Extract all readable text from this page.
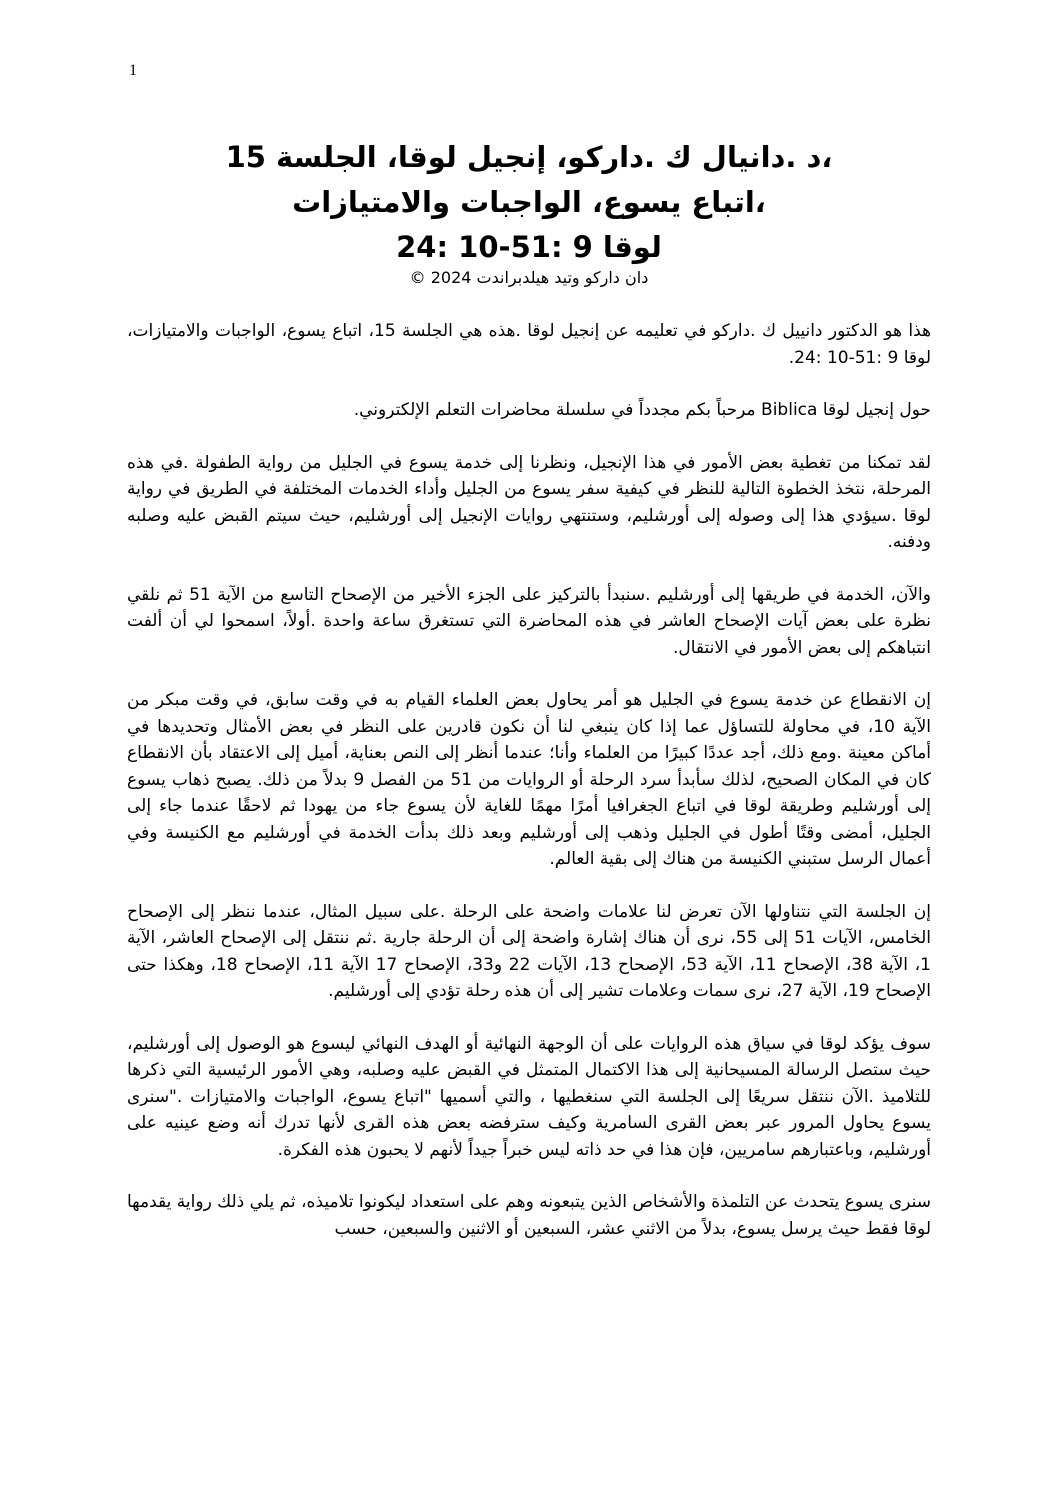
1

،د .دانيال ك .داركو، إنجيل لوقا، الجلسة 15

،اتباع يسوع، الواجبات والامتيازات

لوقا 9 :51-10 :24

دان داركو وتيد هيلدبراندت 2024 ©

هذا هو الدكتور دانييل ك .داركو في تعليمه عن إنجيل لوقا .هذه هي الجلسة 15، اتباع يسوع، الواجبات والامتيازات، لوقا 9 :51-10 :24.

حول إنجيل لوقا Biblica مرحباً بكم مجدداً في سلسلة محاضرات التعلم الإلكتروني.

لقد تمكنا من تغطية بعض الأمور في هذا الإنجيل، ونظرنا إلى خدمة يسوع في الجليل من رواية الطفولة .في هذه المرحلة، نتخذ الخطوة التالية للنظر في كيفية سفر يسوع من الجليل وأداء الخدمات المختلفة في الطريق في رواية لوقا .سيؤدي هذا إلى وصوله إلى أورشليم، وستنتهي روايات الإنجيل إلى أورشليم، حيث سيتم القبض عليه وصلبه ودفنه.

والآن، الخدمة في طريقها إلى أورشليم .سنبدأ بالتركيز على الجزء الأخير من الإصحاح التاسع من الآية 51 ثم نلقي نظرة على بعض آيات الإصحاح العاشر في هذه المحاضرة التي تستغرق ساعة واحدة .أولاً، اسمحوا لي أن ألفت انتباهكم إلى بعض الأمور في الانتقال.

إن الانقطاع عن خدمة يسوع في الجليل هو أمر يحاول بعض العلماء القيام به في وقت سابق، في وقت مبكر من الآية 10، في محاولة للتساؤل عما إذا كان ينبغي لنا أن نكون قادرين على النظر في بعض الأمثال وتحديدها في أماكن معينة .ومع ذلك، أجد عددًا كبيرًا من العلماء وأنا؛ عندما أنظر إلى النص بعناية، أميل إلى الاعتقاد بأن الانقطاع كان في المكان الصحيح، لذلك سأبدأ سرد الرحلة أو الروايات من 51 من الفصل 9 بدلاً من ذلك. يصبح ذهاب يسوع إلى أورشليم وطريقة لوقا في اتباع الجغرافيا أمرًا مهمًا للغاية لأن يسوع جاء من يهودا ثم لاحقًا عندما جاء إلى الجليل، أمضى وقتًا أطول في الجليل وذهب إلى أورشليم وبعد ذلك بدأت الخدمة في أورشليم مع الكنيسة وفي أعمال الرسل ستبني الكنيسة من هناك إلى بقية العالم.

إن الجلسة التي نتناولها الآن تعرض لنا علامات واضحة على الرحلة .على سبيل المثال، عندما ننظر إلى الإصحاح الخامس، الآيات 51 إلى 55، نرى أن هناك إشارة واضحة إلى أن الرحلة جارية .ثم ننتقل إلى الإصحاح العاشر، الآية 1، الآية 38، الإصحاح 11، الآية 53، الإصحاح 13، الآيات 22 و33، الإصحاح 17 الآية 11، الإصحاح 18، وهكذا حتى الإصحاح 19، الآية 27، نرى سمات وعلامات تشير إلى أن هذه رحلة تؤدي إلى أورشليم.

سوف يؤكد لوقا في سياق هذه الروايات على أن الوجهة النهائية أو الهدف النهائي ليسوع هو الوصول إلى أورشليم، حيث ستصل الرسالة المسيحانية إلى هذا الاكتمال المتمثل في القبض عليه وصلبه، وهي الأمور الرئيسية التي ذكرها للتلاميذ .الآن ننتقل سريعًا إلى الجلسة التي سنغطيها ، والتي أسميها "اتباع يسوع، الواجبات والامتيازات ."سنرى يسوع يحاول المرور عبر بعض القرى السامرية وكيف سترفضه بعض هذه القرى لأنها تدرك أنه وضع عينيه على أورشليم، وباعتبارهم سامريين، فإن هذا في حد ذاته ليس خبراً جيداً لأنهم لا يحبون هذه الفكرة.

سنرى يسوع يتحدث عن التلمذة والأشخاص الذين يتبعونه وهم على استعداد ليكونوا تلاميذه، ثم يلي ذلك رواية يقدمها لوقا فقط حيث يرسل يسوع، بدلاً من الاثني عشر، السبعين أو الاثنين والسبعين، حسب
